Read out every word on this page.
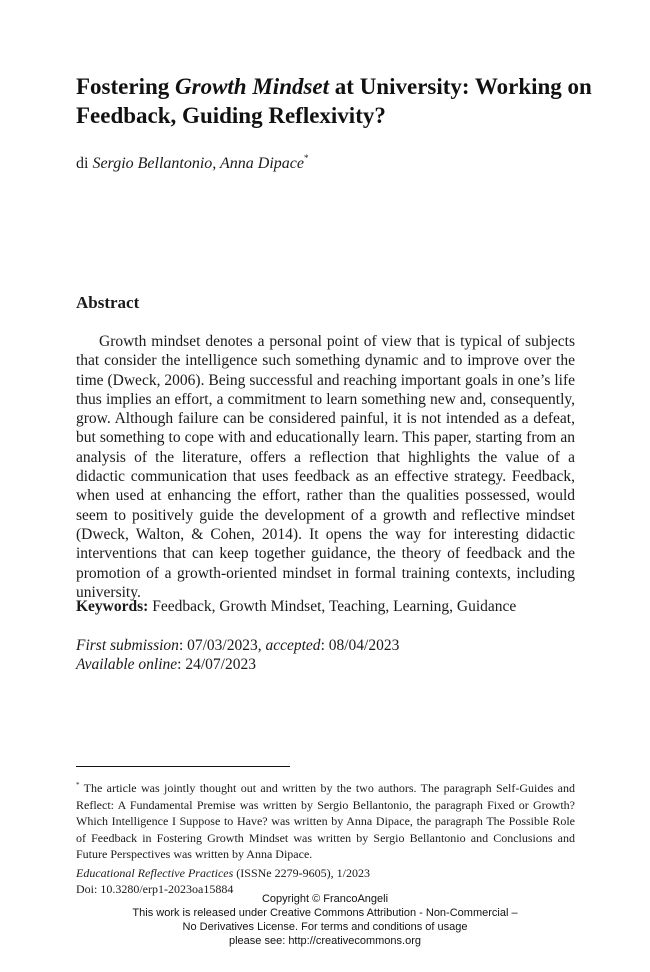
Fostering Growth Mindset at University: Working on Feedback, Guiding Reflexivity?
di Sergio Bellantonio, Anna Dipace*
Abstract

Growth mindset denotes a personal point of view that is typical of subjects that consider the intelligence such something dynamic and to improve over the time (Dweck, 2006). Being successful and reaching important goals in one’s life thus implies an effort, a commitment to learn something new and, consequently, grow. Although failure can be considered painful, it is not intended as a defeat, but something to cope with and educationally learn. This paper, starting from an analysis of the literature, offers a reflection that highlights the value of a didactic communication that uses feedback as an effective strategy. Feedback, when used at enhancing the effort, rather than the qualities possessed, would seem to positively guide the development of a growth and reflective mindset (Dweck, Walton, & Cohen, 2014). It opens the way for interesting didactic interventions that can keep together guidance, the theory of feedback and the promotion of a growth-oriented mindset in formal training contexts, including university.

Keywords: Feedback, Growth Mindset, Teaching, Learning, Guidance
First submission: 07/03/2023, accepted: 08/04/2023
Available online: 24/07/2023

* The article was jointly thought out and written by the two authors. The paragraph Self-Guides and Reflect: A Fundamental Premise was written by Sergio Bellantonio, the paragraph Fixed or Growth? Which Intelligence I Suppose to Have? was written by Anna Dipace, the paragraph The Possible Role of Feedback in Fostering Growth Mindset was written by Sergio Bellantonio and Conclusions and Future Perspectives was written by Anna Dipace.

Educational Reflective Practices (ISSNe 2279-9605), 1/2023
Doi: 10.3280/erp1-2023oa15884
Copyright © FrancoAngeli
This work is released under Creative Commons Attribution - Non-Commercial –
No Derivatives License. For terms and conditions of usage
please see: http://creativecommons.org
